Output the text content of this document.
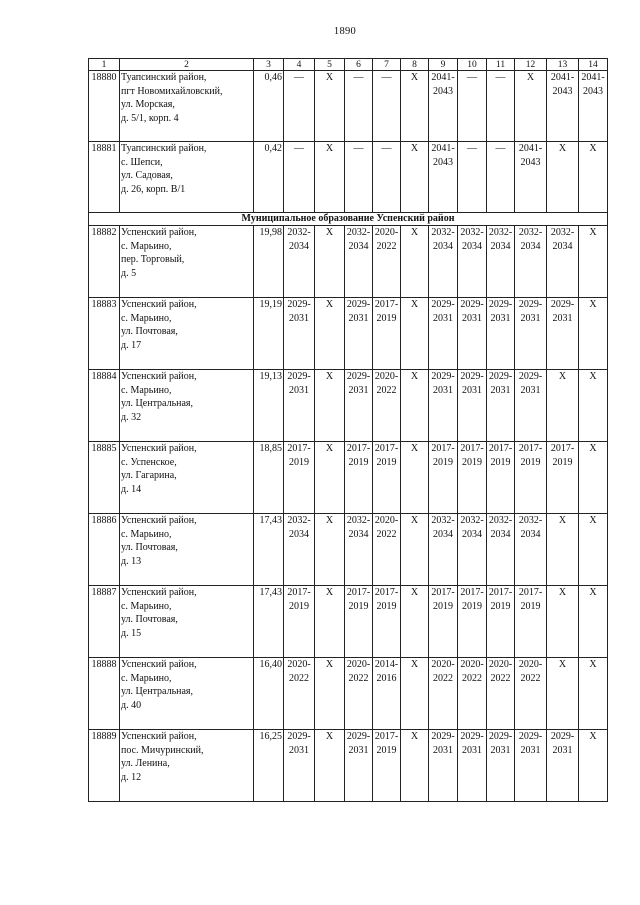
1890
1	2	3	4	5	6	7	8	9	10	11	12	13	14
18880	Туапсинский район,
пгт Новомихайловский,
ул. Морская,
д. 5/1, корп. 4	0,46	—	Х	—	—	Х	2041-
2043	—	—	Х	2041-
2043	2041-
2043

18881	Туапсинский район,
с. Шепси,
ул. Садовая,
д. 26, корп. В/1	0,42	—	Х	—	—	Х	2041-
2043	—	—	2041-
2043	Х	Х

Муниципальное образование Успенский район													
18882	Успенский район,
с. Марьино,
пер. Торговый,
д. 5	19,98	2032-
2034	Х	2032-
2034	2020-
2022	Х	2032-
2034	2032-
2034	2032-
2034	2032-
2034	2032-
2034	Х

18883	Успенский район,
с. Марьино,
ул. Почтовая,
д. 17	19,19	2029-
2031	Х	2029-
2031	2017-
2019	Х	2029-
2031	2029-
2031	2029-
2031	2029-
2031	2029-
2031	Х

18884	Успенский район,
с. Марьино,
ул. Центральная,
д. 32	19,13	2029-
2031	Х	2029-
2031	2020-
2022	Х	2029-
2031	2029-
2031	2029-
2031	2029-
2031	Х	Х

18885	Успенский район,
с. Успенское,
ул. Гагарина,
д. 14	18,85	2017-
2019	Х	2017-
2019	2017-
2019	Х	2017-
2019	2017-
2019	2017-
2019	2017-
2019	2017-
2019	Х

18886	Успенский район,
с. Марьино,
ул. Почтовая,
д. 13	17,43	2032-
2034	Х	2032-
2034	2020-
2022	Х	2032-
2034	2032-
2034	2032-
2034	2032-
2034	Х	Х

18887	Успенский район,
с. Марьино,
ул. Почтовая,
д. 15	17,43	2017-
2019	Х	2017-
2019	2017-
2019	Х	2017-
2019	2017-
2019	2017-
2019	2017-
2019	Х	Х

18888	Успенский район,
с. Марьино,
ул. Центральная,
д. 40	16,40	2020-
2022	Х	2020-
2022	2014-
2016	Х	2020-
2022	2020-
2022	2020-
2022	2020-
2022	Х	Х

18889	Успенский район,
пос. Мичуринский,
ул. Ленина,
д. 12	16,25	2029-
2031	Х	2029-
2031	2017-
2019	Х	2029-
2031	2029-
2031	2029-
2031	2029-
2031	2029-
2031	Х
